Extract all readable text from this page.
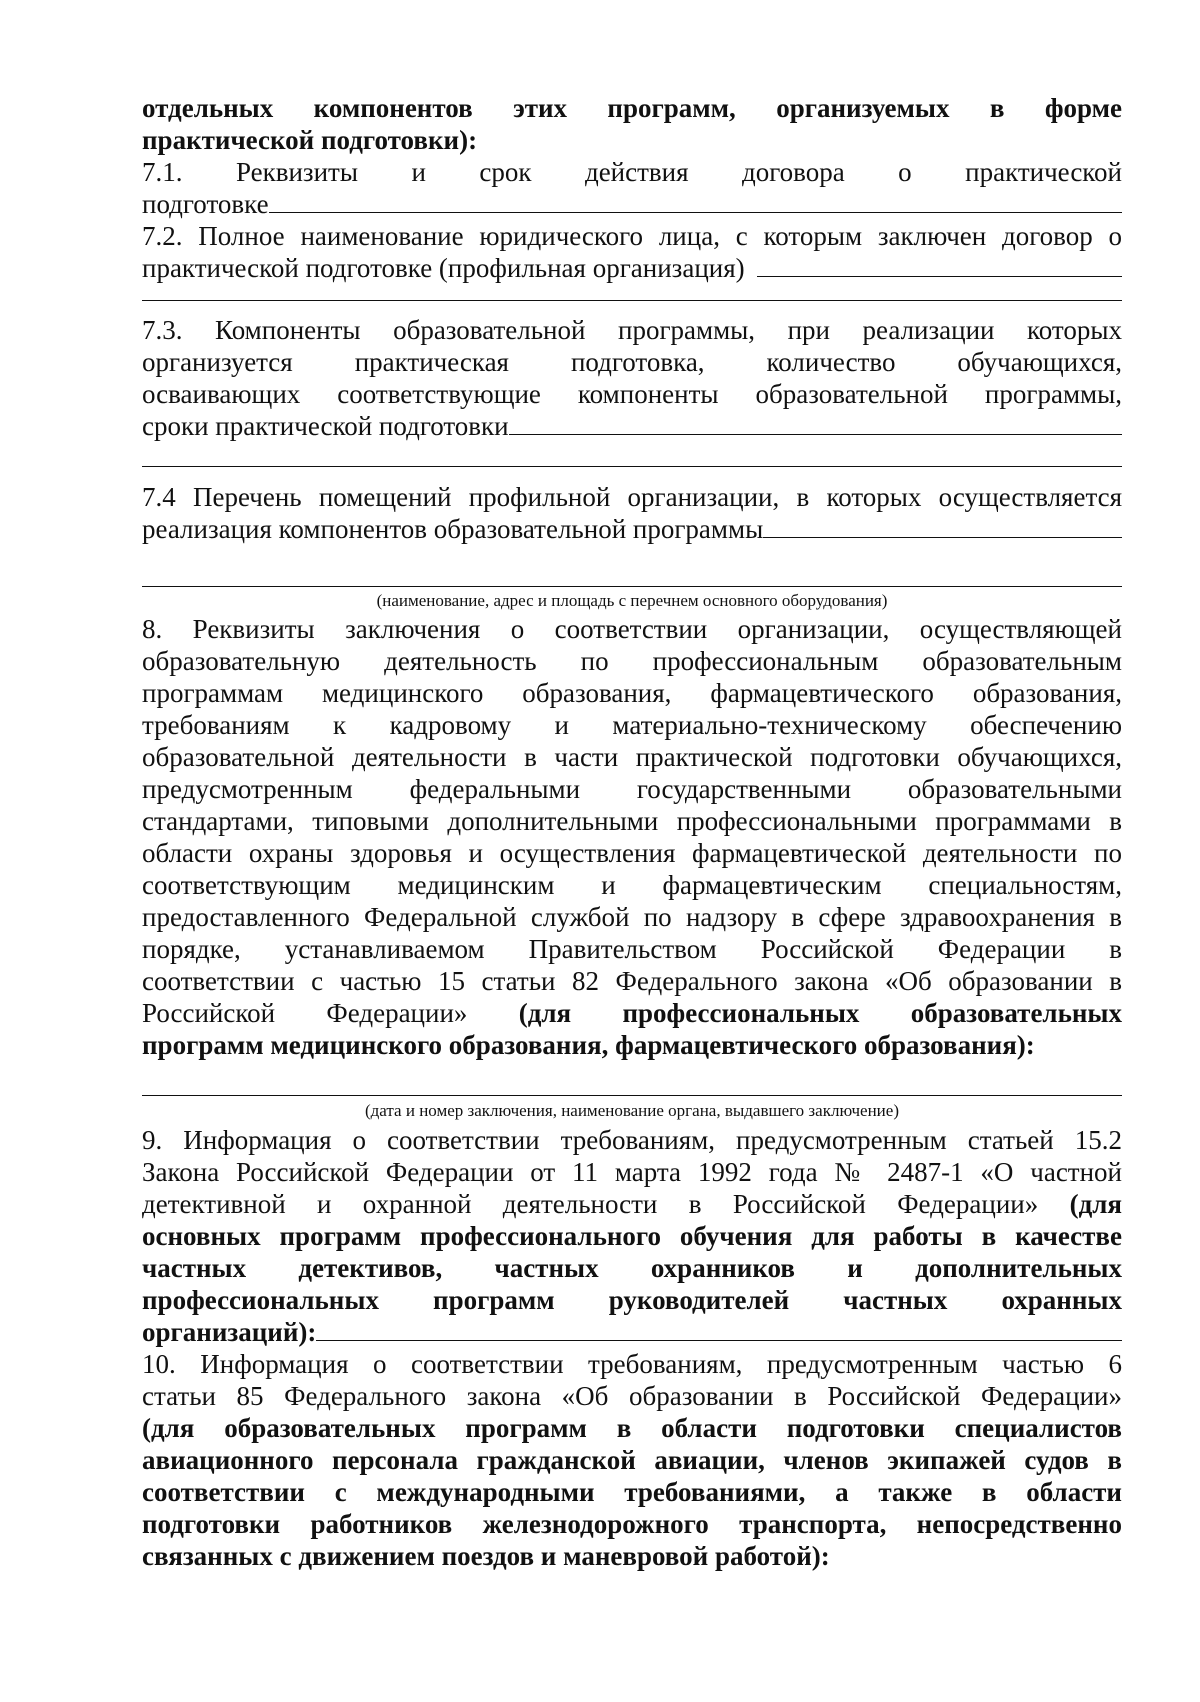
отдельных компонентов этих программ, организуемых в форме
практической подготовки):
7.1. Реквизиты и срок действия договора о практической
подготовке
7.2. Полное наименование юридического лица, с которым заключен договор о
практической подготовке (профильная организация)
7.3. Компоненты образовательной программы, при реализации которых
организуется практическая подготовка, количество обучающихся,
осваивающих соответствующие компоненты образовательной программы,
сроки практической подготовки
7.4 Перечень помещений профильной организации, в которых осуществляется
реализация компонентов образовательной программы
(наименование, адрес и площадь с перечнем основного оборудования)
8. Реквизиты заключения о соответствии организации, осуществляющей
образовательную деятельность по профессиональным образовательным
программам медицинского образования, фармацевтического образования,
требованиям к кадровому и материально-техническому обеспечению
образовательной деятельности в части практической подготовки обучающихся,
предусмотренным федеральными государственными образовательными
стандартами, типовыми дополнительными профессиональными программами в
области охраны здоровья и осуществления фармацевтической деятельности по
соответствующим медицинским и фармацевтическим специальностям,
предоставленного Федеральной службой по надзору в сфере здравоохранения в
порядке, устанавливаемом Правительством Российской Федерации в
соответствии с частью 15 статьи 82 Федерального закона «Об образовании в
Российской Федерации» (для профессиональных образовательных
программ медицинского образования, фармацевтического образования):
(дата и номер заключения, наименование органа, выдавшего заключение)
9. Информация о соответствии требованиям, предусмотренным статьей 15.2
Закона Российской Федерации от 11 марта 1992 года № 2487-1 «О частной
детективной и охранной деятельности в Российской Федерации» (для
основных программ профессионального обучения для работы в качестве
частных детективов, частных охранников и дополнительных
профессиональных программ руководителей частных охранных
организаций):
10. Информация о соответствии требованиям, предусмотренным частью 6
статьи 85 Федерального закона «Об образовании в Российской Федерации»
(для образовательных программ в области подготовки специалистов
авиационного персонала гражданской авиации, членов экипажей судов в
соответствии с международными требованиями, а также в области
подготовки работников железнодорожного транспорта, непосредственно
связанных с движением поездов и маневровой работой):
